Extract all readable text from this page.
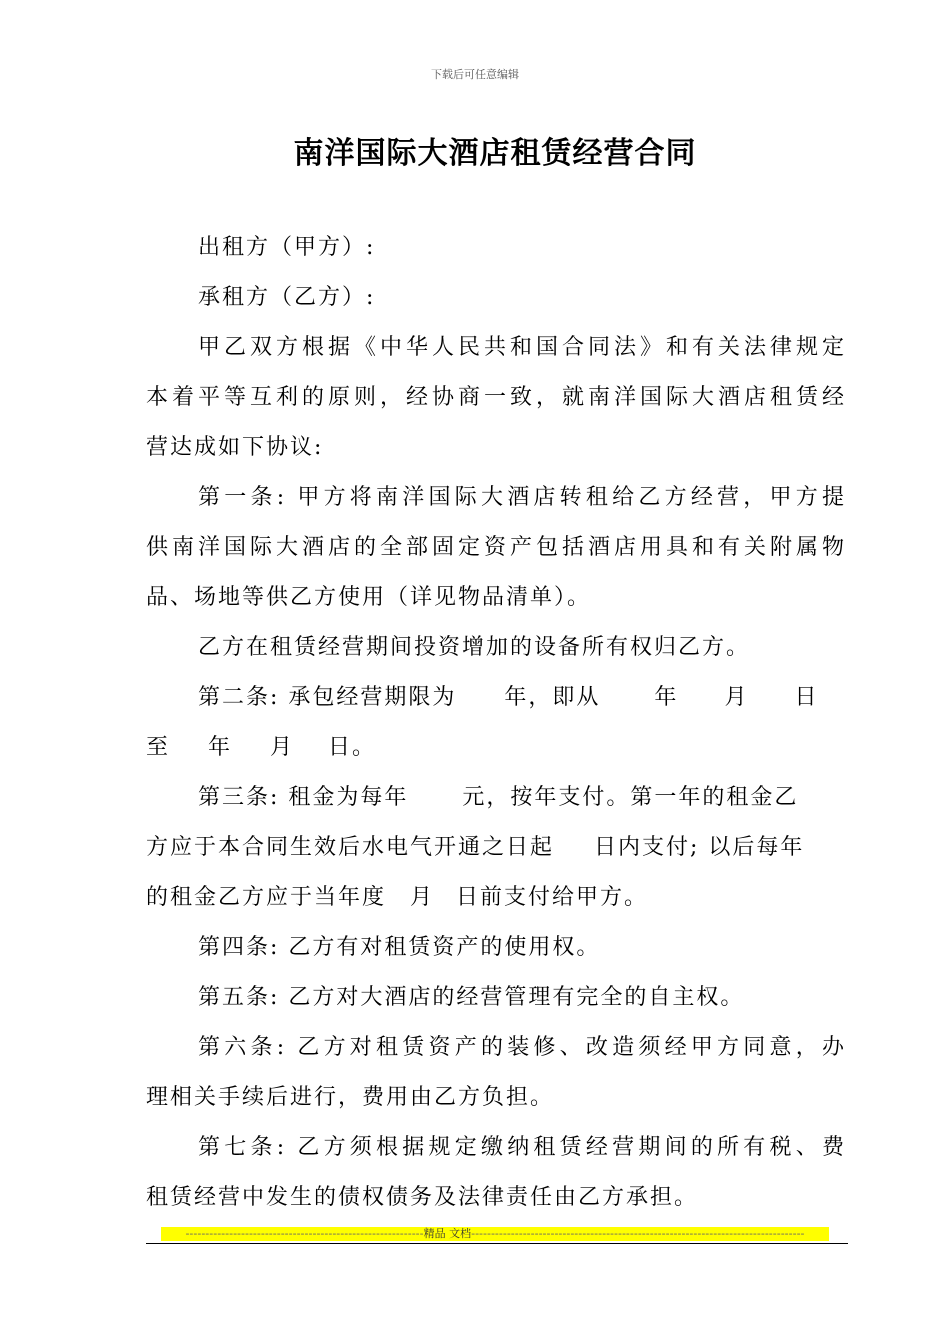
下载后可任意编辑
南洋国际大酒店租赁经营合同
出租方（甲方）:
承租方（乙方）:
甲乙双方根据《中华人民共和国合同法》和有关法律规定
本着平等互利的原则，经协商一致，就南洋国际大酒店租赁经
营达成如下协议:
第一条: 甲方将南洋国际大酒店转租给乙方经营，甲方提
供南洋国际大酒店的全部固定资产包括酒店用具和有关附属物
品、场地等供乙方使用（详见物品清单）。
乙方在租赁经营期间投资增加的设备所有权归乙方。
第二条: 承包经营期限为 年，即从 年 月 日
至 年 月 日。
第三条: 租金为每年 元，按年支付。第一年的租金乙
方应于本合同生效后水电气开通之日起 日内支付; 以后每年
的租金乙方应于当年度 月 日前支付给甲方。
第四条: 乙方有对租赁资产的使用权。
第五条: 乙方对大酒店的经营管理有完全的自主权。
第六条: 乙方对租赁资产的装修、改造须经甲方同意，办
理相关手续后进行，费用由乙方负担。
第七条: 乙方须根据规定缴纳租赁经营期间的所有税、费
租赁经营中发生的债权债务及法律责任由乙方承担。
------------------------------------------------------------精品 文档------------------------------------------------------------------------------------
